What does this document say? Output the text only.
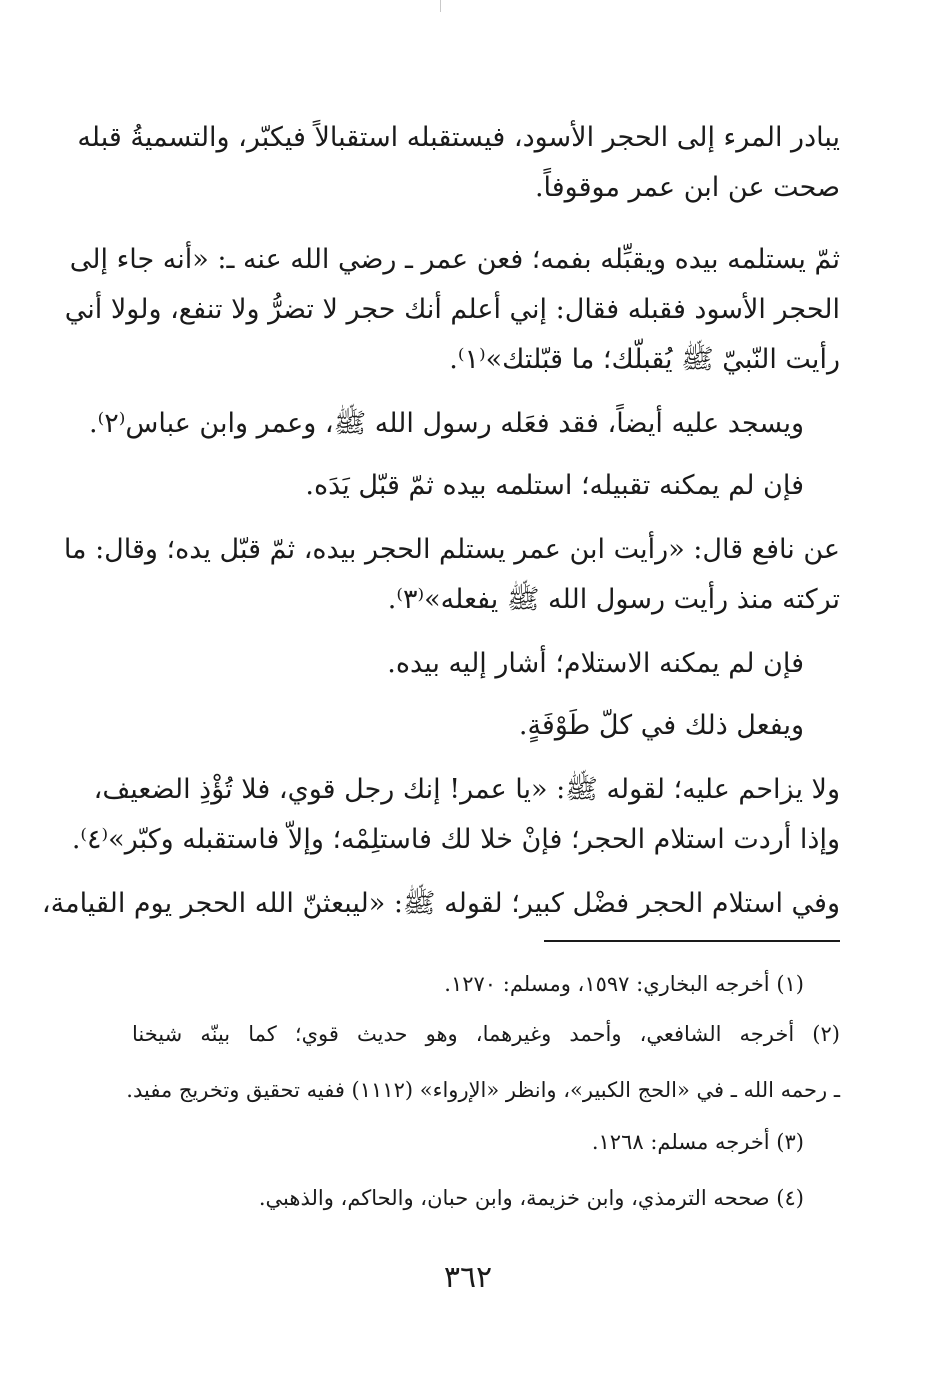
يبادر المرء إلى الحجر الأسود، فيستقبله استقبالاً فيكبّر، والتسميةُ قبله
صحت عن ابن عمر موقوفاً.
ثمّ يستلمه بيده ويقبِّله بفمه؛ فعن عمر ـ رضي الله عنه ـ: «أنه جاء إلى
الحجر الأسود فقبله فقال: إني أعلم أنك حجر لا تضرُّ ولا تنفع، ولولا أني
رأيت النّبيّ ﷺ يُقبلّك؛ ما قبّلتك»⁽١⁾.
ويسجد عليه أيضاً، فقد فعَله رسول الله ﷺ، وعمر وابن عباس⁽٢⁾.
فإن لم يمكنه تقبيله؛ استلمه بيده ثمّ قبّل يَدَه.
عن نافع قال: «رأيت ابن عمر يستلم الحجر بيده، ثمّ قبّل يده؛ وقال: ما
تركته منذ رأيت رسول الله ﷺ يفعله»⁽٣⁾.
فإن لم يمكنه الاستلام؛ أشار إليه بيده.
ويفعل ذلك في كلّ طَوْفَةٍ.
ولا يزاحم عليه؛ لقوله ﷺ: «يا عمر! إنك رجل قوي، فلا تُؤْذِ الضعيف،
وإذا أردت استلام الحجر؛ فإنْ خلا لك فاستلِمْه؛ وإلاّ فاستقبله وكبّر»⁽٤⁾.
وفي استلام الحجر فضْل كبير؛ لقوله ﷺ: «ليبعثنّ الله الحجر يوم القيامة،
(١) أخرجه البخاري: ١٥٩٧، ومسلم: ١٢٧٠.
(٢) أخرجه الشافعي، وأحمد وغيرهما، وهو حديث قوي؛ كما بينّه شيخنا
ـ رحمه الله ـ في «الحج الكبير»، وانظر «الإرواء» (١١١٢) ففيه تحقيق وتخريج مفيد.
(٣) أخرجه مسلم: ١٢٦٨.
(٤) صححه الترمذي، وابن خزيمة، وابن حبان، والحاكم، والذهبي.
٣٦٢
